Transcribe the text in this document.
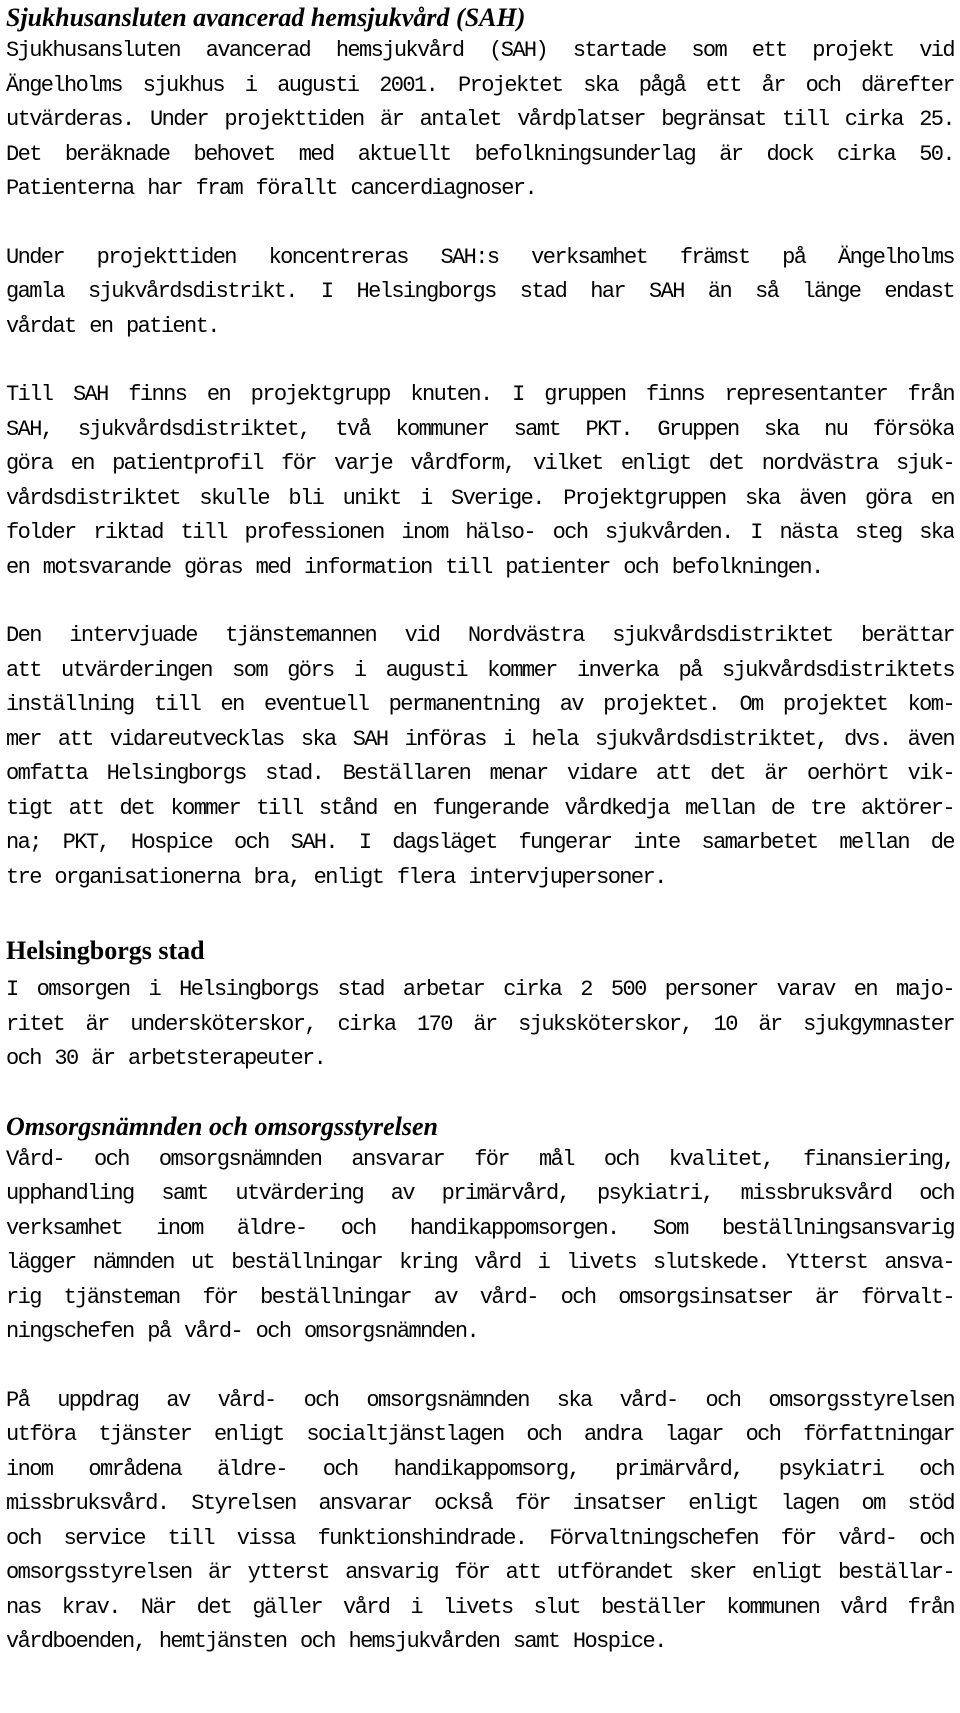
Sjukhusansluten avancerad hemsjukvård (SAH)
Sjukhusansluten avancerad hemsjukvård (SAH) startade som ett projekt vid
Ängelholms sjukhus i augusti 2001. Projektet ska pågå ett år och därefter
utvärderas. Under projekttiden är antalet vårdplatser begränsat till cirka 25.
Det beräknade behovet med aktuellt befolkningsunderlag är dock cirka 50.
Patienterna har fram förallt cancerdiagnoser.
Under projekttiden koncentreras SAH:s verksamhet främst på Ängelholms
gamla sjukvårdsdistrikt. I Helsingborgs stad har SAH än så länge endast
vårdat en patient.
Till SAH finns en projektgrupp knuten. I gruppen finns representanter från
SAH, sjukvårdsdistriktet, två kommuner samt PKT. Gruppen ska nu försöka
göra en patientprofil för varje vårdform, vilket enligt det nordvästra sjuk-
vårdsdistriktet skulle bli unikt i Sverige. Projektgruppen ska även göra en
folder riktad till professionen inom hälso- och sjukvården. I nästa steg ska
en motsvarande göras med information till patienter och befolkningen.
Den intervjuade tjänstemannen vid Nordvästra sjukvårdsdistriktet berättar
att utvärderingen som görs i augusti kommer inverka på sjukvårdsdistriktets
inställning till en eventuell permanentning av projektet. Om projektet kom-
mer att vidareutvecklas ska SAH införas i hela sjukvårdsdistriktet, dvs. även
omfatta Helsingborgs stad. Beställaren menar vidare att det är oerhört vik-
tigt att det kommer till stånd en fungerande vårdkedja mellan de tre aktörer-
na; PKT, Hospice och SAH. I dagsläget fungerar inte samarbetet mellan de
tre organisationerna bra, enligt flera intervjupersoner.
Helsingborgs stad
I omsorgen i Helsingborgs stad arbetar cirka 2 500 personer varav en majo-
ritet är undersköterskor, cirka 170 är sjuksköterskor, 10 är sjukgymnaster
och 30 är arbetsterapeuter.
Omsorgsnämnden och omsorgsstyrelsen
Vård- och omsorgsnämnden ansvarar för mål och kvalitet, finansiering,
upphandling samt utvärdering av primärvård, psykiatri, missbruksvård och
verksamhet inom äldre- och handikappomsorgen. Som beställningsansvarig
lägger nämnden ut beställningar kring vård i livets slutskede. Ytterst ansva-
rig tjänsteman för beställningar av vård- och omsorgsinsatser är förvalt-
ningschefen på vård- och omsorgsnämnden.
På uppdrag av vård- och omsorgsnämnden ska vård- och omsorgsstyrelsen
utföra tjänster enligt socialtjänstlagen och andra lagar och författningar
inom områdena äldre- och handikappomsorg, primärvård, psykiatri och
missbruksvård. Styrelsen ansvarar också för insatser enligt lagen om stöd
och service till vissa funktionshindrade. Förvaltningschefen för vård- och
omsorgsstyrelsen är ytterst ansvarig för att utförandet sker enligt beställar-
nas krav. När det gäller vård i livets slut beställer kommunen vård från
vårdboenden, hemtjänsten och hemsjukvården samt Hospice.
